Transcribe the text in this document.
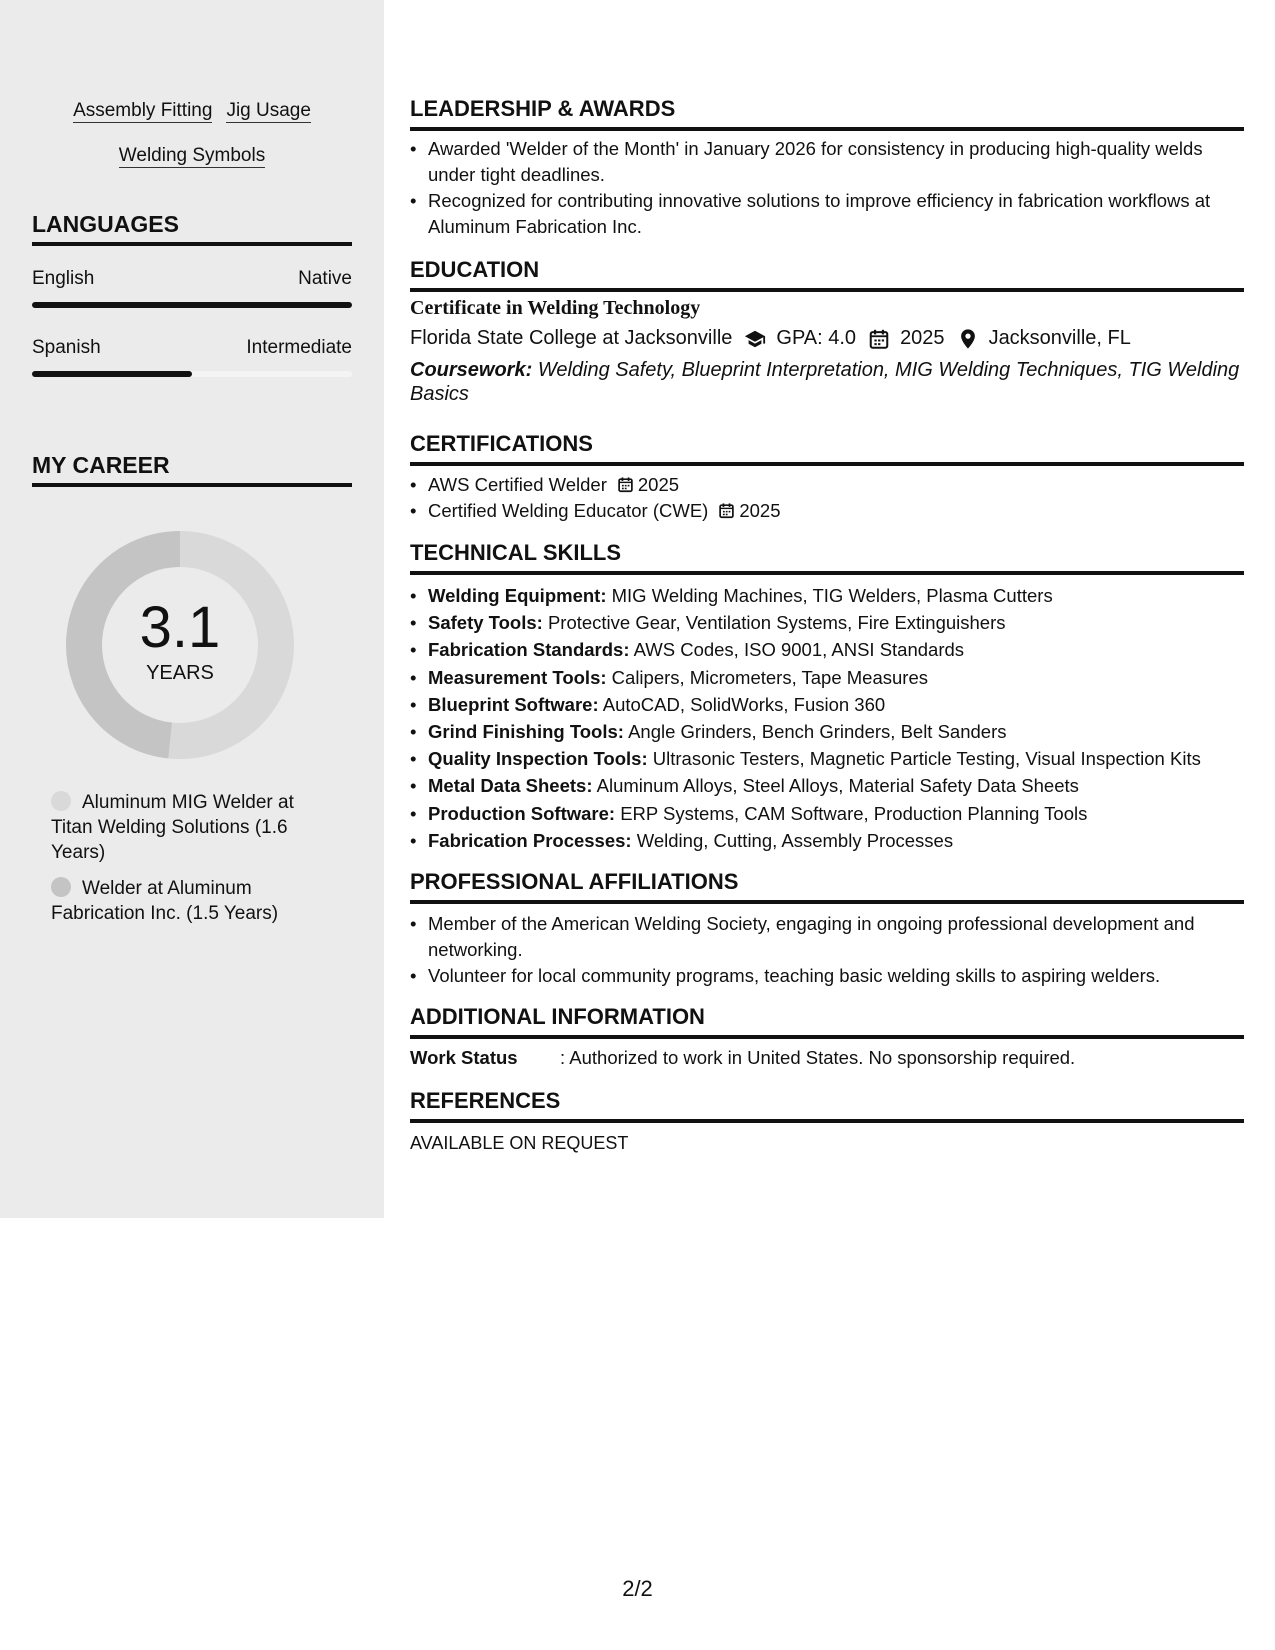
Assembly Fitting Jig Usage
Welding Symbols
LANGUAGES
English	Native
Spanish	Intermediate
MY CAREER
3.1
YEARS
Aluminum MIG Welder at Titan Welding Solutions (1.6 Years)
Welder at Aluminum Fabrication Inc. (1.5 Years)
LEADERSHIP & AWARDS
• Awarded 'Welder of the Month' in January 2026 for consistency in producing high-quality welds under tight deadlines.
• Recognized for contributing innovative solutions to improve efficiency in fabrication workflows at Aluminum Fabrication Inc.
EDUCATION
Certificate in Welding Technology
Florida State College at Jacksonville GPA: 4.0 2025 Jacksonville, FL
Coursework: Welding Safety, Blueprint Interpretation, MIG Welding Techniques, TIG Welding Basics
CERTIFICATIONS
• AWS Certified Welder 2025
• Certified Welding Educator (CWE) 2025
TECHNICAL SKILLS
• Welding Equipment: MIG Welding Machines, TIG Welders, Plasma Cutters
• Safety Tools: Protective Gear, Ventilation Systems, Fire Extinguishers
• Fabrication Standards: AWS Codes, ISO 9001, ANSI Standards
• Measurement Tools: Calipers, Micrometers, Tape Measures
• Blueprint Software: AutoCAD, SolidWorks, Fusion 360
• Grind Finishing Tools: Angle Grinders, Bench Grinders, Belt Sanders
• Quality Inspection Tools: Ultrasonic Testers, Magnetic Particle Testing, Visual Inspection Kits
• Metal Data Sheets: Aluminum Alloys, Steel Alloys, Material Safety Data Sheets
• Production Software: ERP Systems, CAM Software, Production Planning Tools
• Fabrication Processes: Welding, Cutting, Assembly Processes
PROFESSIONAL AFFILIATIONS
• Member of the American Welding Society, engaging in ongoing professional development and networking.
• Volunteer for local community programs, teaching basic welding skills to aspiring welders.
ADDITIONAL INFORMATION
Work Status : Authorized to work in United States. No sponsorship required.
REFERENCES
AVAILABLE ON REQUEST
2/2
